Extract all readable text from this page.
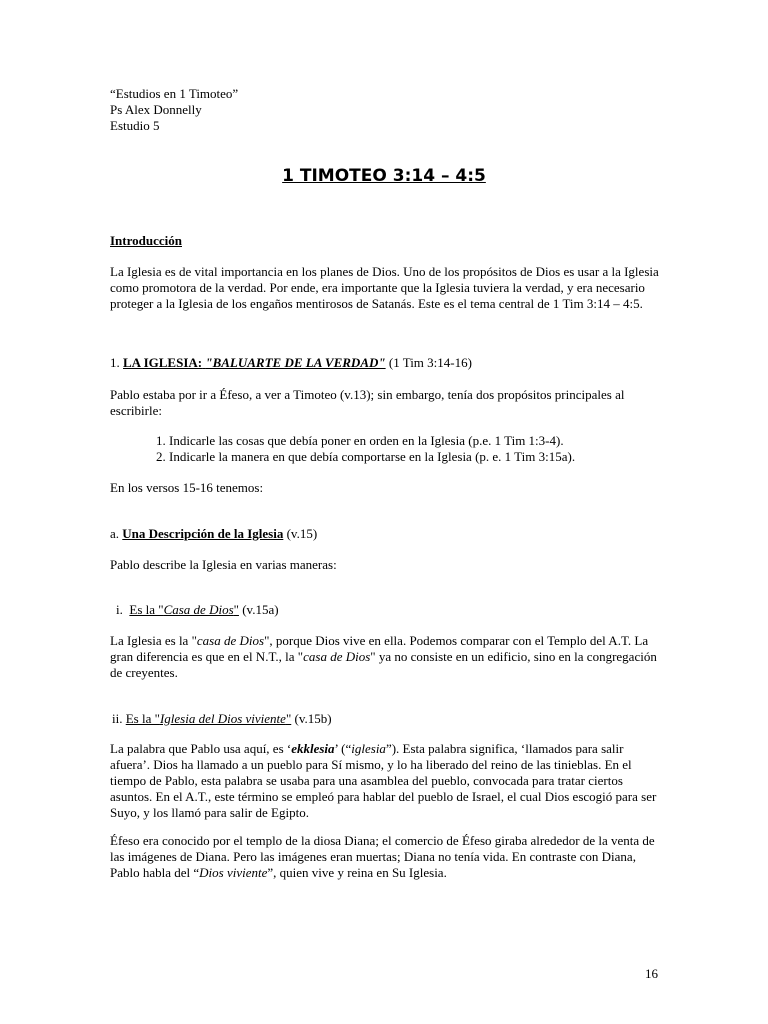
“Estudios en 1 Timoteo”
Ps Alex Donnelly
Estudio 5
1 TIMOTEO 3:14 – 4:5
Introducción

La Iglesia es de vital importancia en los planes de Dios. Uno de los propósitos de Dios es usar a la Iglesia como promotora de la verdad. Por ende, era importante que la Iglesia tuviera la verdad, y era necesario proteger a la Iglesia de los engaños mentirosos de Satanás. Este es el tema central de 1 Tim 3:14 – 4:5.

1. LA IGLESIA: "BALUARTE DE LA VERDAD" (1 Tim 3:14-16)

Pablo estaba por ir a Éfeso, a ver a Timoteo (v.13); sin embargo, tenía dos propósitos principales al escribirle:

1. Indicarle las cosas que debía poner en orden en la Iglesia (p.e. 1 Tim 1:3-4).
2. Indicarle la manera en que debía comportarse en la Iglesia (p. e. 1 Tim 3:15a).
En los versos 15-16 tenemos:
a. Una Descripción de la Iglesia (v.15)
Pablo describe la Iglesia en varias maneras:
i. Es la "Casa de Dios" (v.15a)

La Iglesia es la "casa de Dios", porque Dios vive en ella. Podemos comparar con el Templo del A.T. La gran diferencia es que en el N.T., la "casa de Dios" ya no consiste en un edificio, sino en la congregación de creyentes.

ii. Es la "Iglesia del Dios viviente" (v.15b)

La palabra que Pablo usa aquí, es ‘ekklesia’ (“iglesia”). Esta palabra significa, ‘llamados para salir afuera’. Dios ha llamado a un pueblo para Sí mismo, y lo ha liberado del reino de las tinieblas. En el tiempo de Pablo, esta palabra se usaba para una asamblea del pueblo, convocada para tratar ciertos asuntos. En el A.T., este término se empleó para hablar del pueblo de Israel, el cual Dios escogió para ser Suyo, y los llamó para salir de Egipto.

Éfeso era conocido por el templo de la diosa Diana; el comercio de Éfeso giraba alrededor de la venta de las imágenes de Diana. Pero las imágenes eran muertas; Diana no tenía vida. En contraste con Diana, Pablo habla del “Dios viviente”, quien vive y reina en Su Iglesia.

16
